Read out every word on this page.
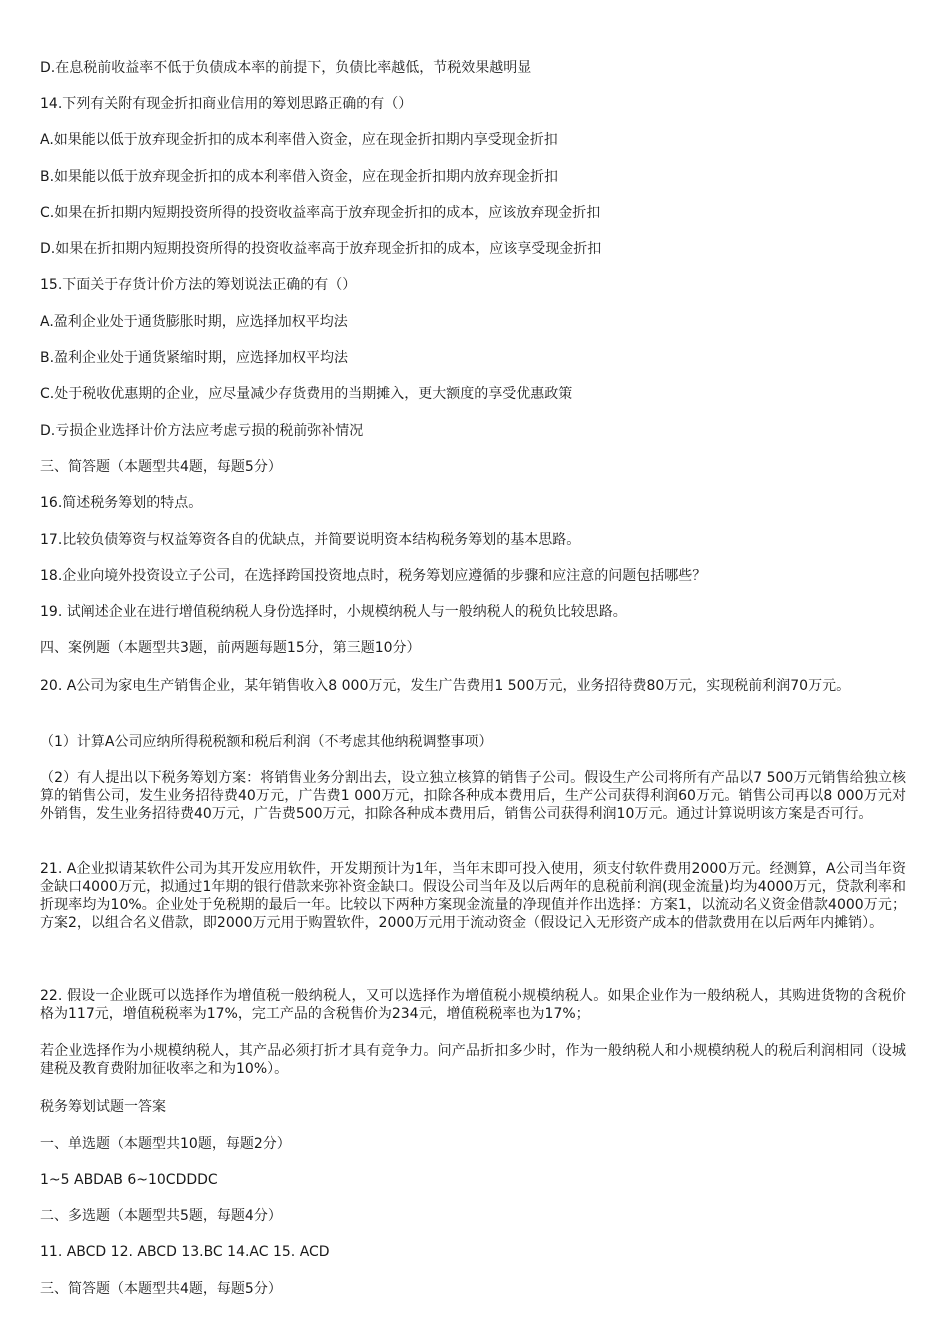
D.在息税前收益率不低于负债成本率的前提下，负债比率越低，节税效果越明显
14.下列有关附有现金折扣商业信用的筹划思路正确的有（）
A.如果能以低于放弃现金折扣的成本利率借入资金，应在现金折扣期内享受现金折扣
B.如果能以低于放弃现金折扣的成本利率借入资金，应在现金折扣期内放弃现金折扣
C.如果在折扣期内短期投资所得的投资收益率高于放弃现金折扣的成本，应该放弃现金折扣
D.如果在折扣期内短期投资所得的投资收益率高于放弃现金折扣的成本，应该享受现金折扣
15.下面关于存货计价方法的筹划说法正确的有（）
A.盈利企业处于通货膨胀时期，应选择加权平均法
B.盈利企业处于通货紧缩时期，应选择加权平均法
C.处于税收优惠期的企业，应尽量减少存货费用的当期摊入，更大额度的享受优惠政策
D.亏损企业选择计价方法应考虑亏损的税前弥补情况
三、简答题（本题型共4题，每题5分）
16.简述税务筹划的特点。
17.比较负债筹资与权益筹资各自的优缺点，并简要说明资本结构税务筹划的基本思路。
18.企业向境外投资设立子公司，在选择跨国投资地点时，税务筹划应遵循的步骤和应注意的问题包括哪些？
19. 试阐述企业在进行增值税纳税人身份选择时，小规模纳税人与一般纳税人的税负比较思路。
四、案例题（本题型共3题，前两题每题15分，第三题10分）
20. A公司为家电生产销售企业，某年销售收入8 000万元，发生广告费用1 500万元，业务招待费80万元，实现税前利润70万元。
（1）计算A公司应纳所得税税额和税后利润（不考虑其他纳税调整事项）
（2）有人提出以下税务筹划方案：将销售业务分割出去，设立独立核算的销售子公司。假设生产公司将所有产品以7 500万元销售给独立核算的销售公司，发生业务招待费40万元，广告费1 000万元，扣除各种成本费用后，生产公司获得利润60万元。销售公司再以8 000万元对外销售，发生业务招待费40万元，广告费500万元，扣除各种成本费用后，销售公司获得利润10万元。通过计算说明该方案是否可行。
21. A企业拟请某软件公司为其开发应用软件，开发期预计为1年，当年末即可投入使用，须支付软件费用2000万元。经测算，A公司当年资金缺口4000万元，拟通过1年期的银行借款来弥补资金缺口。假设公司当年及以后两年的息税前利润(现金流量)均为4000万元，贷款利率和折现率均为10%。企业处于免税期的最后一年。比较以下两种方案现金流量的净现值并作出选择：方案1，以流动名义资金借款4000万元；方案2，以组合名义借款，即2000万元用于购置软件，2000万元用于流动资金（假设记入无形资产成本的借款费用在以后两年内摊销）。
22. 假设一企业既可以选择作为增值税一般纳税人，又可以选择作为增值税小规模纳税人。如果企业作为一般纳税人，其购进货物的含税价格为117元，增值税税率为17%，完工产品的含税售价为234元，增值税税率也为17%；
若企业选择作为小规模纳税人，其产品必须打折才具有竞争力。问产品折扣多少时，作为一般纳税人和小规模纳税人的税后利润相同（设城建税及教育费附加征收率之和为10%）。
税务筹划试题一答案
一、单选题（本题型共10题，每题2分）
1~5 ABDAB 6~10CDDDC
二、多选题（本题型共5题，每题4分）
11. ABCD 12. ABCD 13.BC 14.AC 15. ACD
三、简答题（本题型共4题，每题5分）
